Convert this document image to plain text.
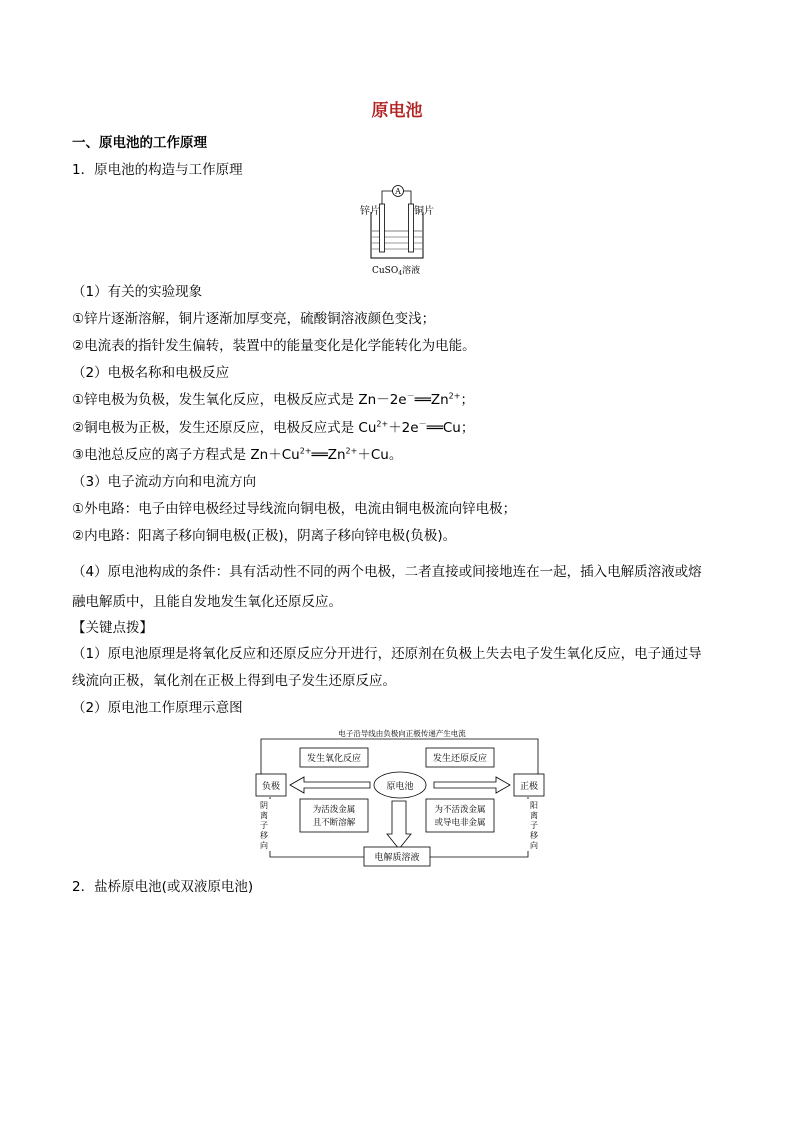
原电池
一、原电池的工作原理
1．原电池的构造与工作原理
A
锌片	铜片
CuSO$_4$溶液
（1）有关的实验现象
①锌片逐渐溶解，铜片逐渐加厚变亮，硫酸铜溶液颜色变浅；
②电流表的指针发生偏转，装置中的能量变化是化学能转化为电能。
（2）电极名称和电极反应
①锌电极为负极，发生氧化反应，电极反应式是 $Zn-2e^-══Zn^{2+}$；
②铜电极为正极，发生还原反应，电极反应式是 $Cu^{2+}+2e^-══Cu$；
③电池总反应的离子方程式是 $Zn+Cu^{2+}══Zn^{2+}+Cu$。
（3）电子流动方向和电流方向
①外电路：电子由锌电极经过导线流向铜电极，电流由铜电极流向锌电极；
②内电路：阳离子移向铜电极(正极)，阴离子移向锌电极(负极)。
（4）原电池构成的条件：具有活动性不同的两个电极，二者直接或间接地连在一起，插入电解质溶液或熔
融电解质中，且能自发地发生氧化还原反应。
【关键点拨】
（1）原电池原理是将氧化反应和还原反应分开进行，还原剂在负极上失去电子发生氧化反应，电子通过导
线流向正极，氧化剂在正极上得到电子发生还原反应。
（2）原电池工作原理示意图
电子沿导线由负极向正极传递产生电流
负极	正极
原电池
发生氧化反应	发生还原反应
为活泼金属
且不断溶解
为不活泼金属
或导电非金属
电解质溶液
阴
离
子
移
向
阳
离
子
移
向
2．盐桥原电池(或双液原电池)
